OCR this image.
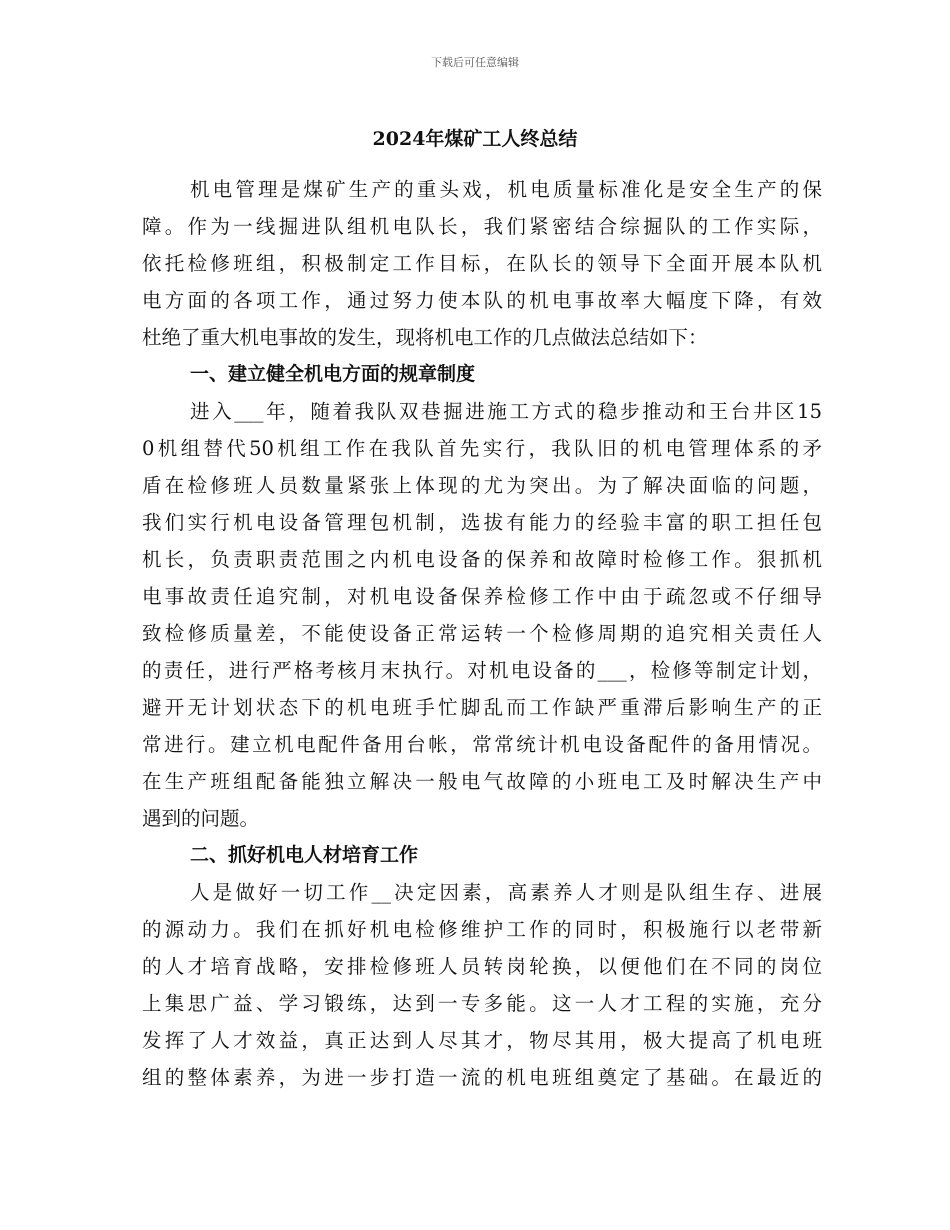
下载后可任意编辑
2024年煤矿工人终总结
机电管理是煤矿生产的重头戏，机电质量标准化是安全生产的保
障。作为一线掘进队组机电队长，我们紧密结合综掘队的工作实际，
依托检修班组，积极制定工作目标，在队长的领导下全面开展本队机
电方面的各项工作，通过努力使本队的机电事故率大幅度下降，有效
杜绝了重大机电事故的发生，现将机电工作的几点做法总结如下：
一、建立健全机电方面的规章制度
进入___年，随着我队双巷掘进施工方式的稳步推动和王台井区15
0机组替代50机组工作在我队首先实行，我队旧的机电管理体系的矛
盾在检修班人员数量紧张上体现的尤为突出。为了解决面临的问题，
我们实行机电设备管理包机制，选拔有能力的经验丰富的职工担任包
机长，负责职责范围之内机电设备的保养和故障时检修工作。狠抓机
电事故责任追究制，对机电设备保养检修工作中由于疏忽或不仔细导
致检修质量差，不能使设备正常运转一个检修周期的追究相关责任人
的责任，进行严格考核月末执行。对机电设备的___，检修等制定计划，
避开无计划状态下的机电班手忙脚乱而工作缺严重滞后影响生产的正
常进行。建立机电配件备用台帐，常常统计机电设备配件的备用情况。
在生产班组配备能独立解决一般电气故障的小班电工及时解决生产中
遇到的问题。
二、抓好机电人材培育工作
人是做好一切工作__决定因素，高素养人才则是队组生存、进展
的源动力。我们在抓好机电检修维护工作的同时，积极施行以老带新
的人才培育战略，安排检修班人员转岗轮换，以便他们在不同的岗位
上集思广益、学习锻练，达到一专多能。这一人才工程的实施，充分
发挥了人才效益，真正达到人尽其才，物尽其用，极大提高了机电班
组的整体素养，为进一步打造一流的机电班组奠定了基础。在最近的
